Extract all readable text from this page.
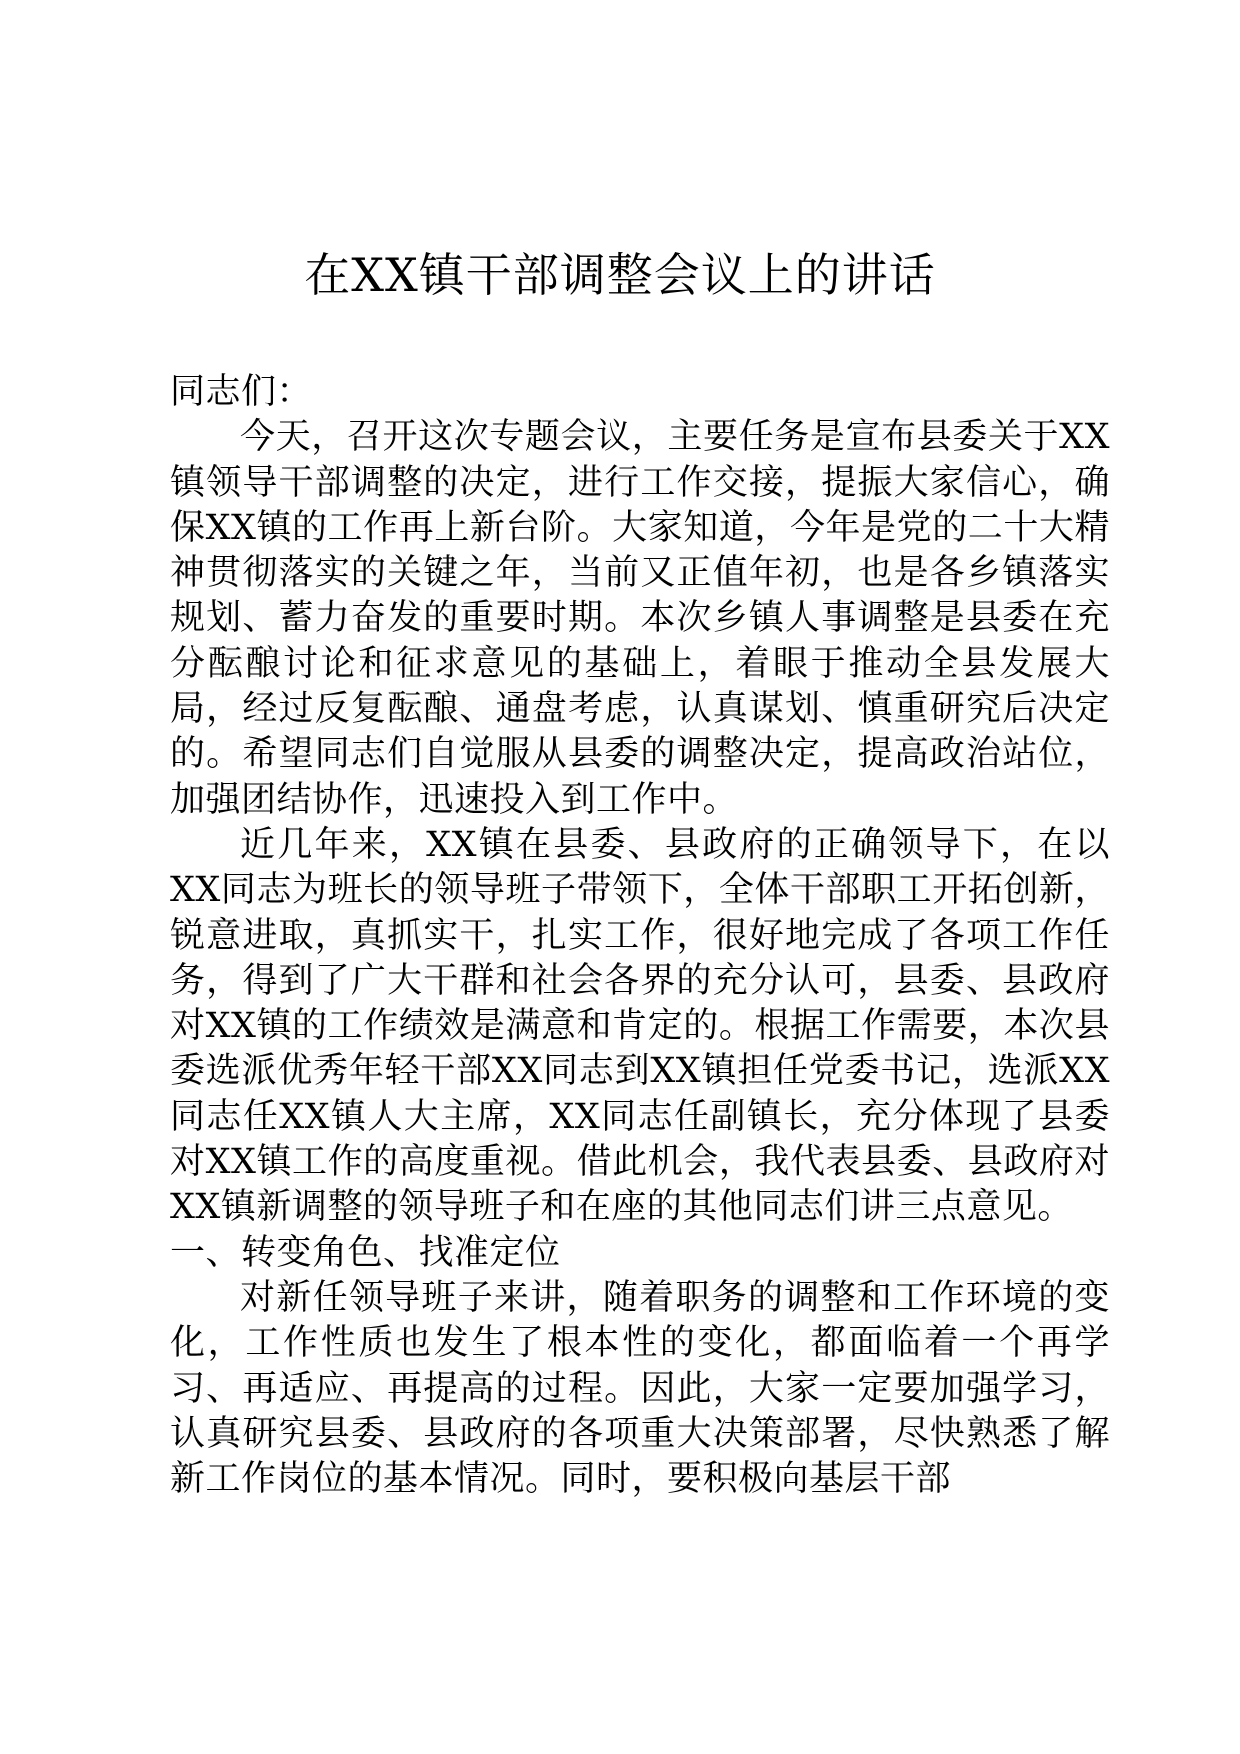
在XX镇干部调整会议上的讲话

同志们：

今天，召开这次专题会议，主要任务是宣布县委关于XX镇领导干部调整的决定，进行工作交接，提振大家信心，确保XX镇的工作再上新台阶。大家知道，今年是党的二十大精神贯彻落实的关键之年，当前又正值年初，也是各乡镇落实规划、蓄力奋发的重要时期。本次乡镇人事调整是县委在充分酝酿讨论和征求意见的基础上，着眼于推动全县发展大局，经过反复酝酿、通盘考虑，认真谋划、慎重研究后决定的。希望同志们自觉服从县委的调整决定，提高政治站位，加强团结协作，迅速投入到工作中。

近几年来，XX镇在县委、县政府的正确领导下，在以XX同志为班长的领导班子带领下，全体干部职工开拓创新，锐意进取，真抓实干，扎实工作，很好地完成了各项工作任务，得到了广大干群和社会各界的充分认可，县委、县政府对XX镇的工作绩效是满意和肯定的。根据工作需要，本次县委选派优秀年轻干部XX同志到XX镇担任党委书记，选派XX同志任XX镇人大主席，XX同志任副镇长，充分体现了县委对XX镇工作的高度重视。借此机会，我代表县委、县政府对XX镇新调整的领导班子和在座的其他同志们讲三点意见。

一、转变角色、找准定位

对新任领导班子来讲，随着职务的调整和工作环境的变化，工作性质也发生了根本性的变化，都面临着一个再学习、再适应、再提高的过程。因此，大家一定要加强学习，认真研究县委、县政府的各项重大决策部署，尽快熟悉了解新工作岗位的基本情况。同时，要积极向基层干部
